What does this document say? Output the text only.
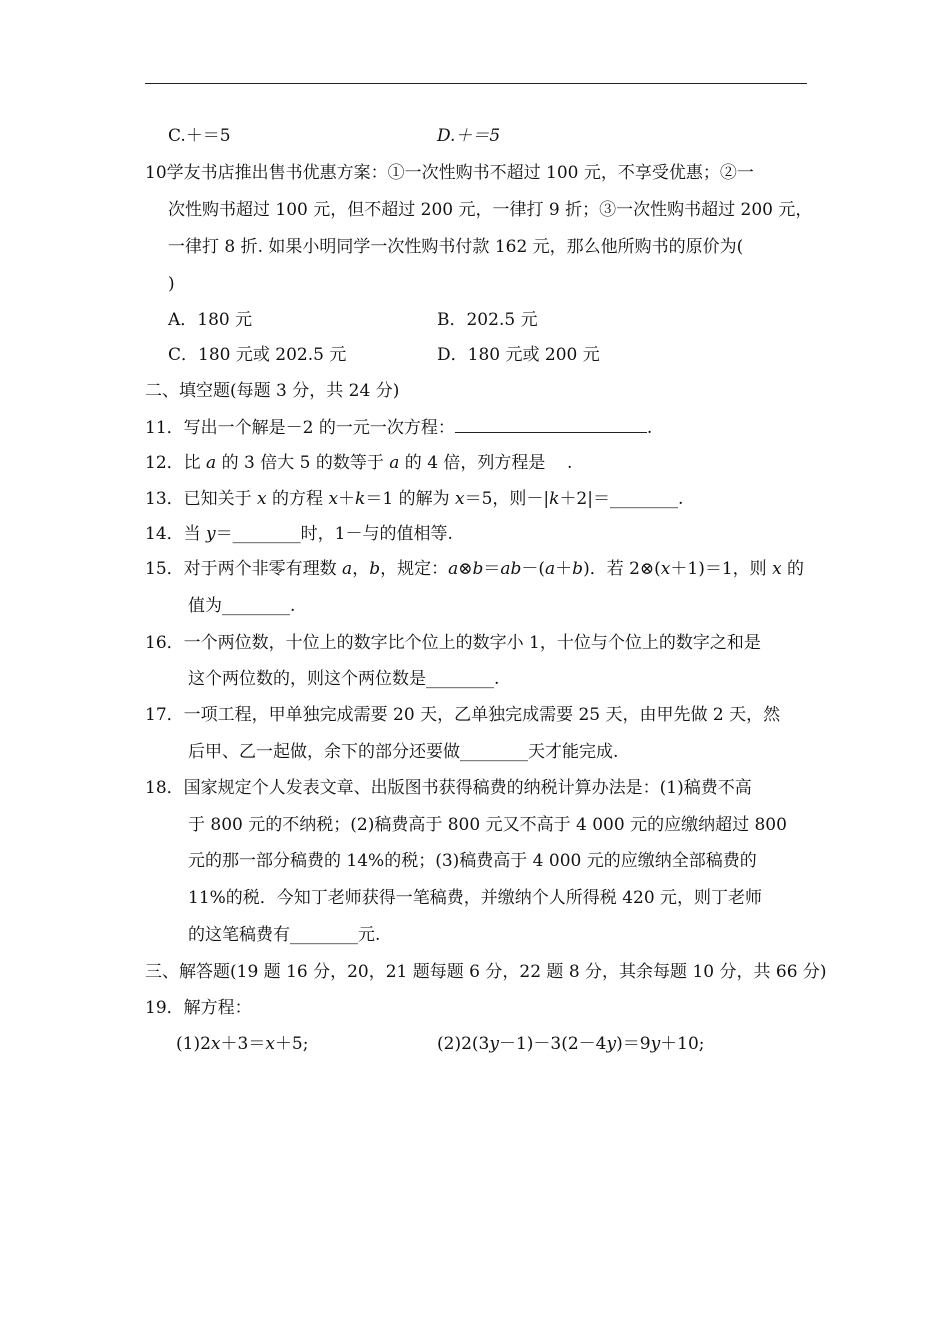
C.＋＝5	D.＋＝5
10学友书店推出售书优惠方案：①一次性购书不超过 100 元，不享受优惠；②一
次性购书超过 100 元，但不超过 200 元，一律打 9 折；③一次性购书超过 200 元，
一律打 8 折. 如果小明同学一次性购书付款 162 元，那么他所购书的原价为(
)
A．180 元	B．202.5 元
C．180 元或 202.5 元	D．180 元或 200 元
二、填空题(每题 3 分，共 24 分)
11．写出一个解是－2 的一元一次方程：	.
12．比 a 的 3 倍大 5 的数等于 a 的 4 倍，列方程是    .
13．已知关于 x 的方程 x＋k＝1 的解为 x＝5，则－|k＋2|＝________.
14．当 y＝________时，1－与的值相等.
15．对于两个非零有理数 a，b，规定：a⊗b＝ab－(a＋b)．若 2⊗(x＋1)＝1，则 x 的
值为________.
16．一个两位数，十位上的数字比个位上的数字小 1，十位与个位上的数字之和是
这个两位数的，则这个两位数是________.
17．一项工程，甲单独完成需要 20 天，乙单独完成需要 25 天，由甲先做 2 天，然
后甲、乙一起做，余下的部分还要做________天才能完成.
18．国家规定个人发表文章、出版图书获得稿费的纳税计算办法是：(1)稿费不高
于 800 元的不纳税；(2)稿费高于 800 元又不高于 4 000 元的应缴纳超过 800
元的那一部分稿费的 14%的税；(3)稿费高于 4 000 元的应缴纳全部稿费的
11%的税．今知丁老师获得一笔稿费，并缴纳个人所得税 420 元，则丁老师
的这笔稿费有________元.
三、解答题(19 题 16 分，20，21 题每题 6 分，22 题 8 分，其余每题 10 分，共 66 分)
19．解方程：
(1)2x＋3＝x＋5;	(2)2(3y－1)－3(2－4y)＝9y＋10;
